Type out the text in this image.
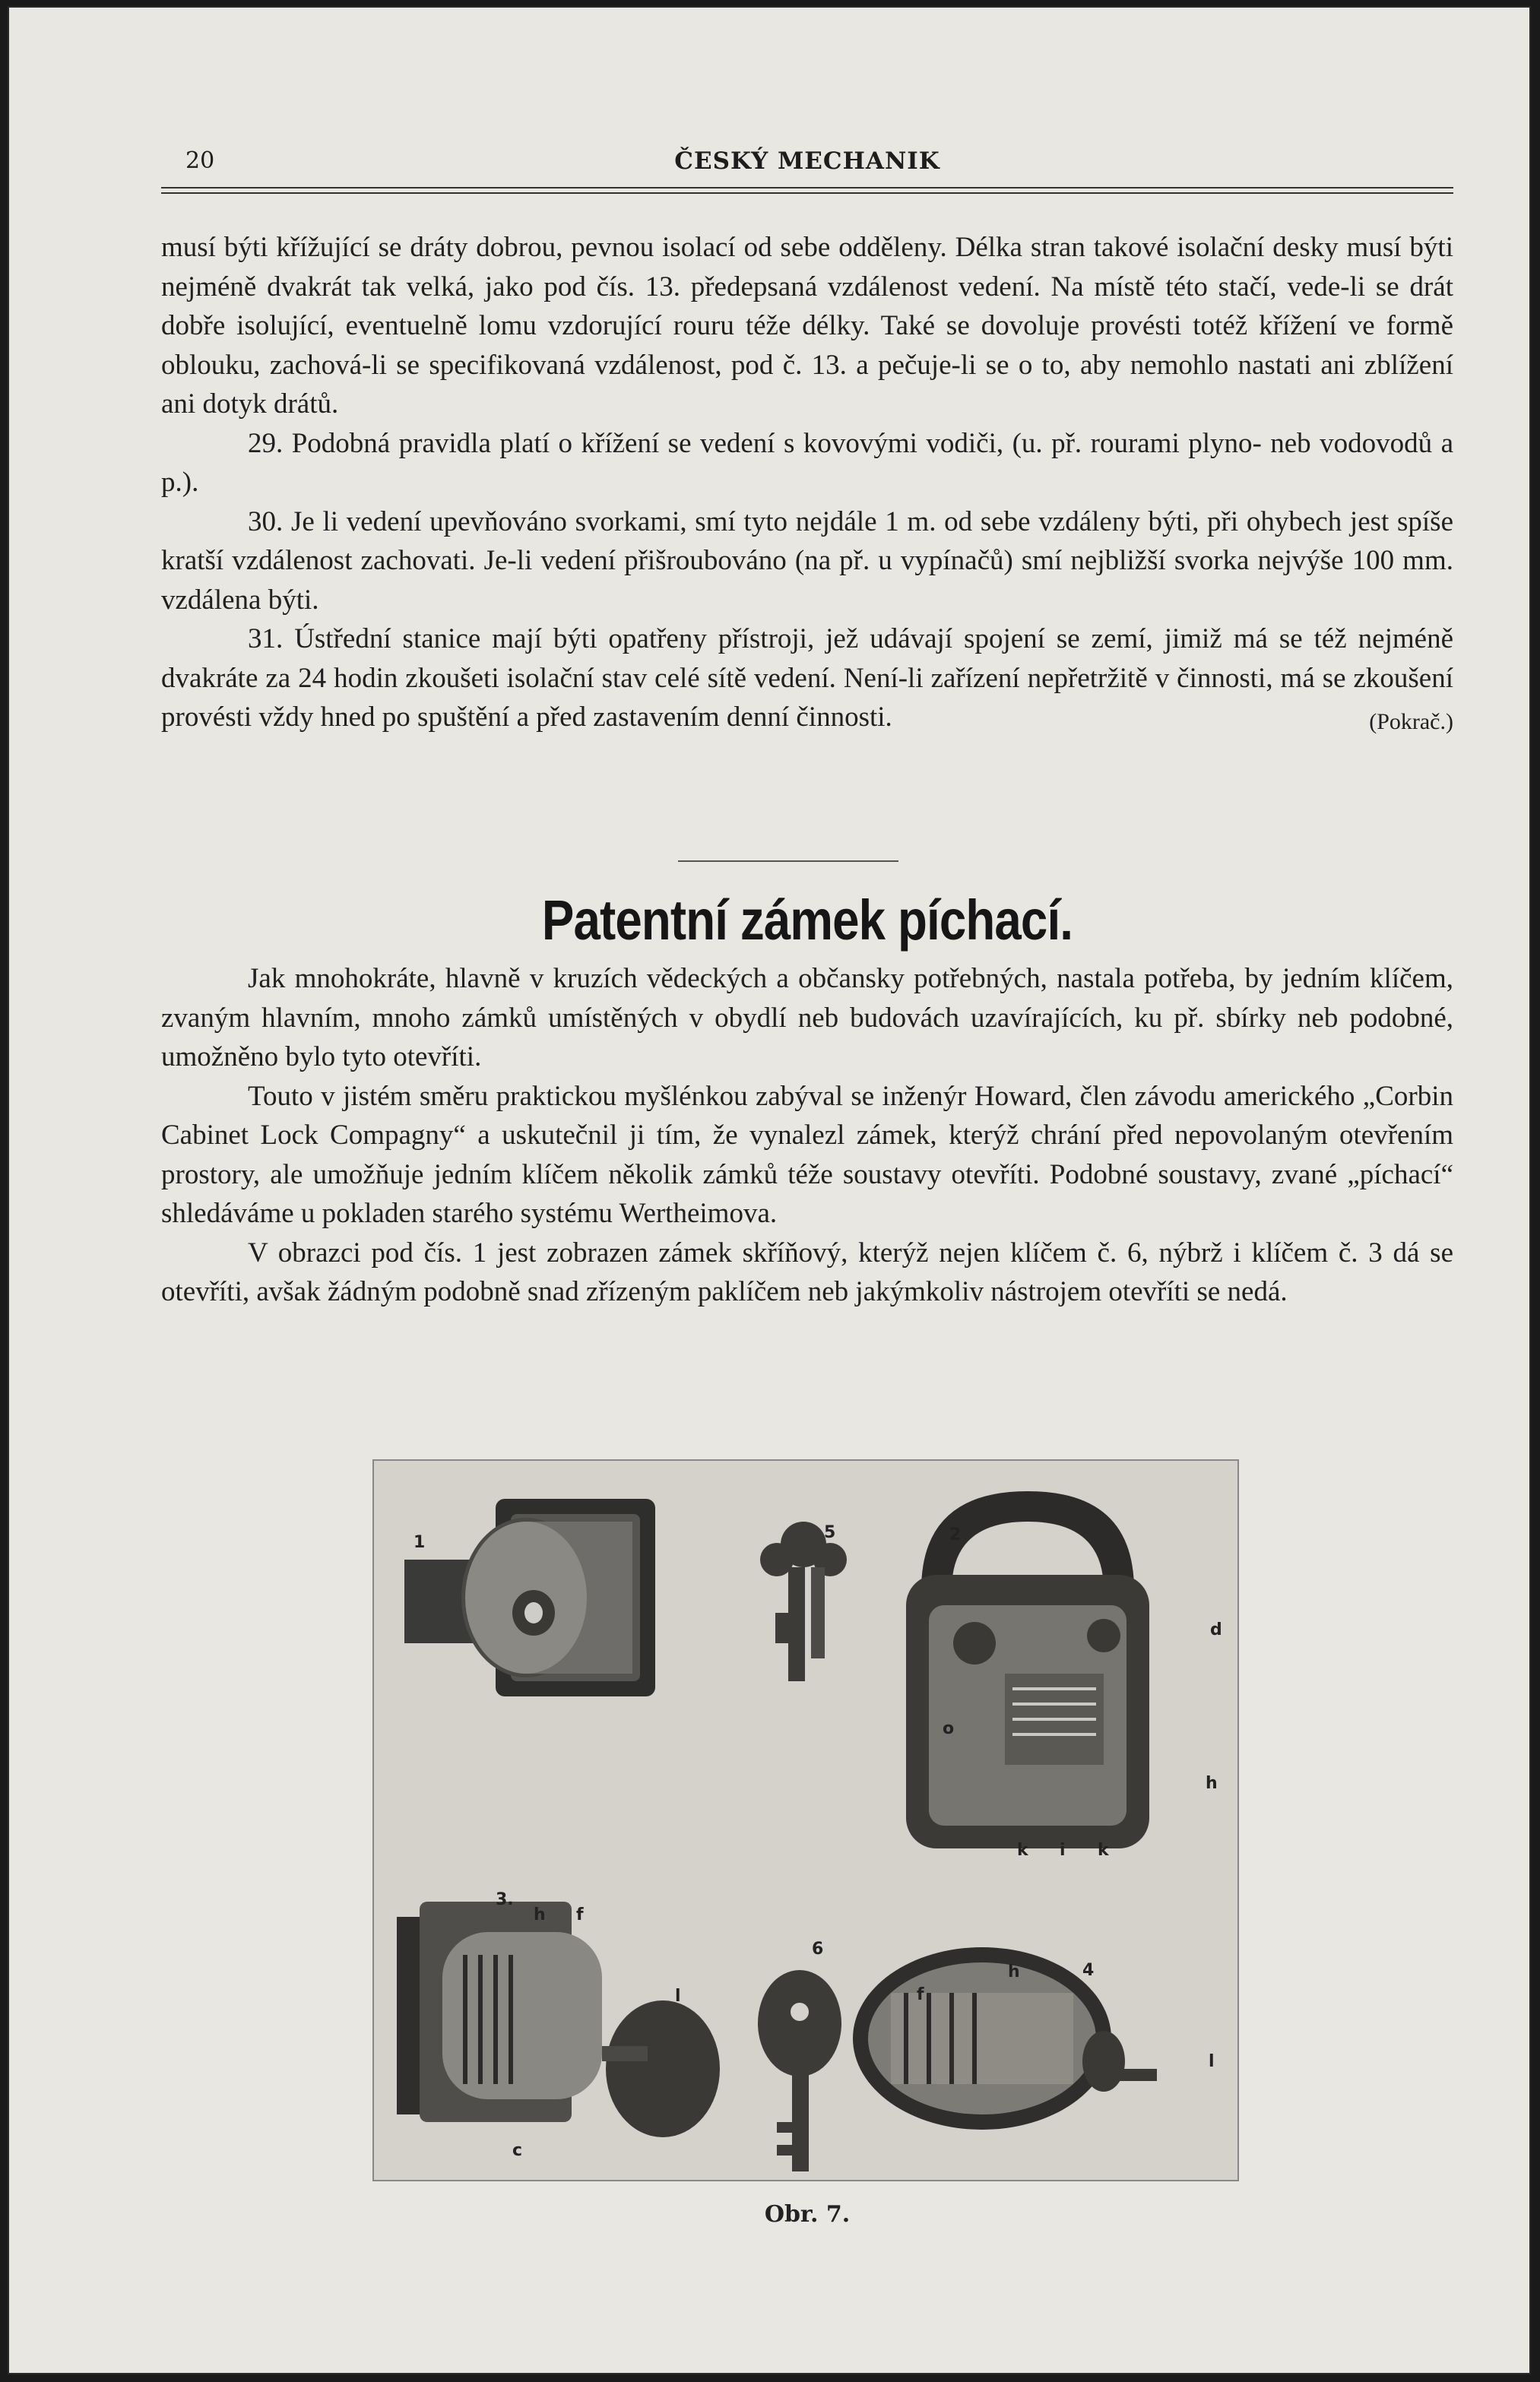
20	ČESKÝ MECHANIK

musí býti křížující se dráty dobrou, pevnou isolací od sebe odděleny. Délka stran takové isolační desky musí býti nejméně dvakrát tak velká, jako pod čís. 13. předepsaná vzdálenost vedení. Na místě této stačí, vede-li se drát dobře isolující, eventuelně lomu vzdorující rouru téže délky. Také se dovoluje provésti totéž křížení ve formě oblouku, zachová-li se specifikovaná vzdálenost, pod č. 13. a pečuje-li se o to, aby nemohlo nastati ani zblížení ani dotyk drátů.

29. Podobná pravidla platí o křížení se vedení s kovovými vodiči, (u. př. rourami plyno- neb vodovodů a p.).

30. Je li vedení upevňováno svorkami, smí tyto nejdále 1 m. od sebe vzdáleny býti, při ohybech jest spíše kratší vzdálenost zachovati. Je-li vedení přišroubováno (na př. u vypínačů) smí nejbližší svorka nejvýše 100 mm. vzdálena býti.

31. Ústřední stanice mají býti opatřeny přístroji, jež udávají spojení se zemí, jimiž má se též nejméně dvakráte za 24 hodin zkoušeti isolační stav celé sítě vedení. Není-li zařízení nepřetržitě v činnosti, má se zkoušení provésti vždy hned po spuštění a před zastavením denní činnosti.	(Pokrač.)

Patentní zámek píchací.

Jak mnohokráte, hlavně v kruzích vědeckých a občansky potřebných, nastala potřeba, by jedním klíčem, zvaným hlavním, mnoho zámků umístěných v obydlí neb budovách uzavírajících, ku př. sbírky neb podobné, umožněno bylo tyto otevříti.

Touto v jistém směru praktickou myšlénkou zabýval se inženýr Howard, člen závodu amerického „Corbin Cabinet Lock Compagny“ a uskutečnil ji tím, že vynalezl zámek, kterýž chrání před nepovolaným otevřením prostory, ale umožňuje jedním klíčem několik zámků téže soustavy otevříti. Podobné soustavy, zvané „píchací“ shledáváme u pokladen starého systému Wertheimova.

V obrazci pod čís. 1 jest zobrazen zámek skříňový, kterýž nejen klíčem č. 6, nýbrž i klíčem č. 3 dá se otevříti, avšak žádným podobně snad zřízeným paklíčem neb jakýmkoliv nástrojem otevříti se nedá.

1	2
3.
4
5
6
d
o
h
k i k
h f
l
c
f
h
l
Obr. 7.
